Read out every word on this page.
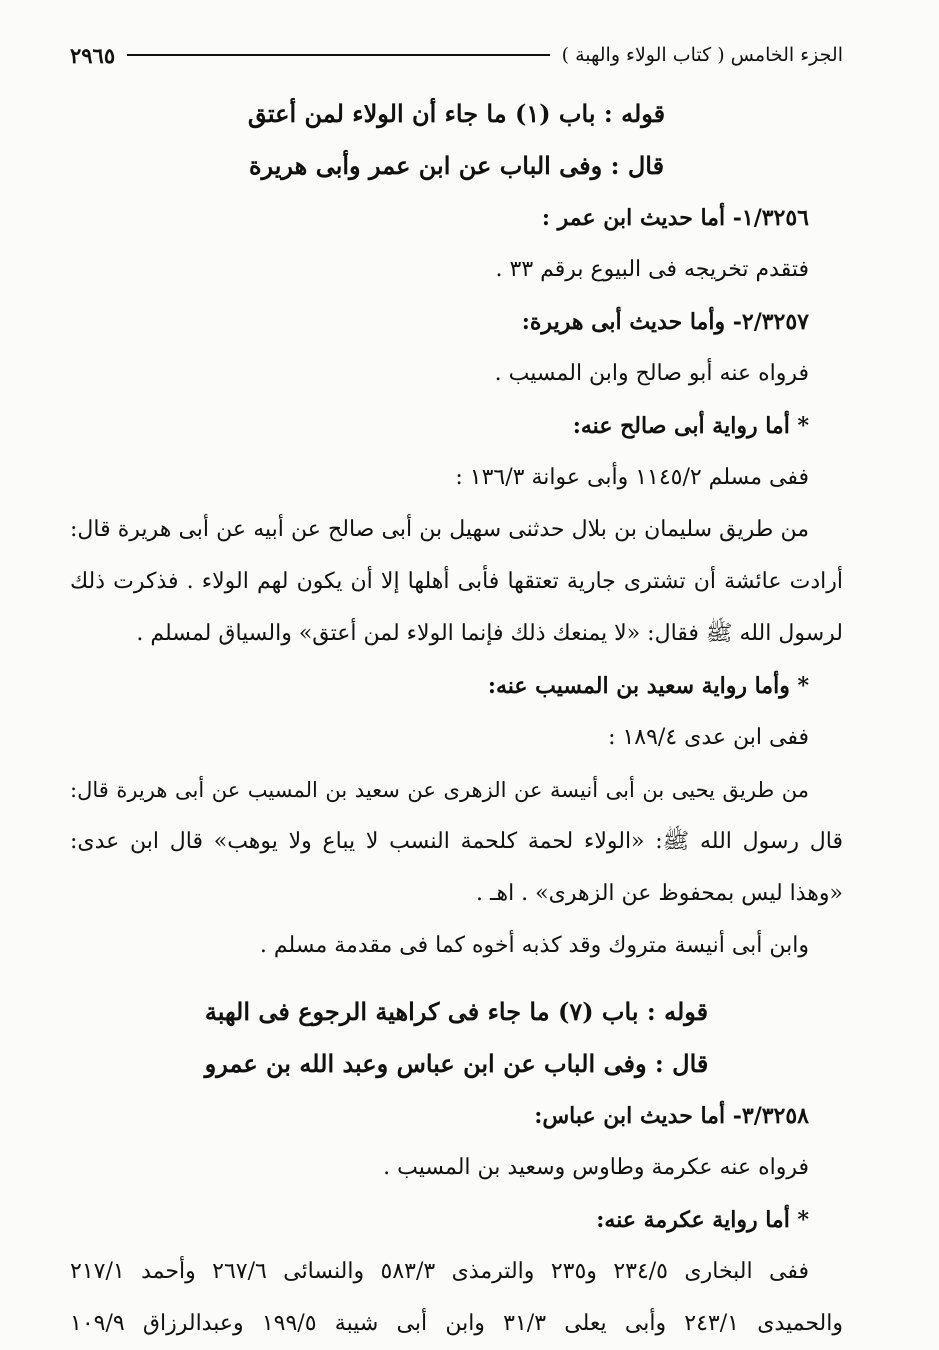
الجزء الخامس ( كتاب الولاء والهبة )
٢٩٦٥
قوله : باب (١) ما جاء أن الولاء لمن أعتق
قال : وفى الباب عن ابن عمر وأبى هريرة
١/٣٢٥٦- أما حديث ابن عمر :
فتقدم تخريجه فى البيوع برقم ٣٣ .
٢/٣٢٥٧- وأما حديث أبى هريرة:
فرواه عنه أبو صالح وابن المسيب .
* أما رواية أبى صالح عنه:
ففى مسلم ١١٤٥/٢ وأبى عوانة ١٣٦/٣ :
من طريق سليمان بن بلال حدثنى سهيل بن أبى صالح عن أبيه عن أبى هريرة قال:
أرادت عائشة أن تشترى جارية تعتقها فأبى أهلها إلا أن يكون لهم الولاء . فذكرت ذلك
لرسول الله ﷺ فقال: «لا يمنعك ذلك فإنما الولاء لمن أعتق» والسياق لمسلم .
* وأما رواية سعيد بن المسيب عنه:
ففى ابن عدى ١٨٩/٤ :
من طريق يحيى بن أبى أنيسة عن الزهرى عن سعيد بن المسيب عن أبى هريرة قال:
قال رسول الله ﷺ: «الولاء لحمة كلحمة النسب لا يباع ولا يوهب» قال ابن عدى:
«وهذا ليس بمحفوظ عن الزهرى» . اهـ .
وابن أبى أنيسة متروك وقد كذبه أخوه كما فى مقدمة مسلم .
قوله : باب (٧) ما جاء فى كراهية الرجوع فى الهبة
قال : وفى الباب عن ابن عباس وعبد الله بن عمرو
٣/٣٢٥٨- أما حديث ابن عباس:
فرواه عنه عكرمة وطاوس وسعيد بن المسيب .
* أما رواية عكرمة عنه:
ففى البخارى ٢٣٤/٥ و٢٣٥ والترمذى ٥٨٣/٣ والنسائى ٢٦٧/٦ وأحمد ٢١٧/١
والحميدى ٢٤٣/١ وأبى يعلى ٣١/٣ وابن أبى شيبة ١٩٩/٥ وعبدالرزاق ١٠٩/٩
